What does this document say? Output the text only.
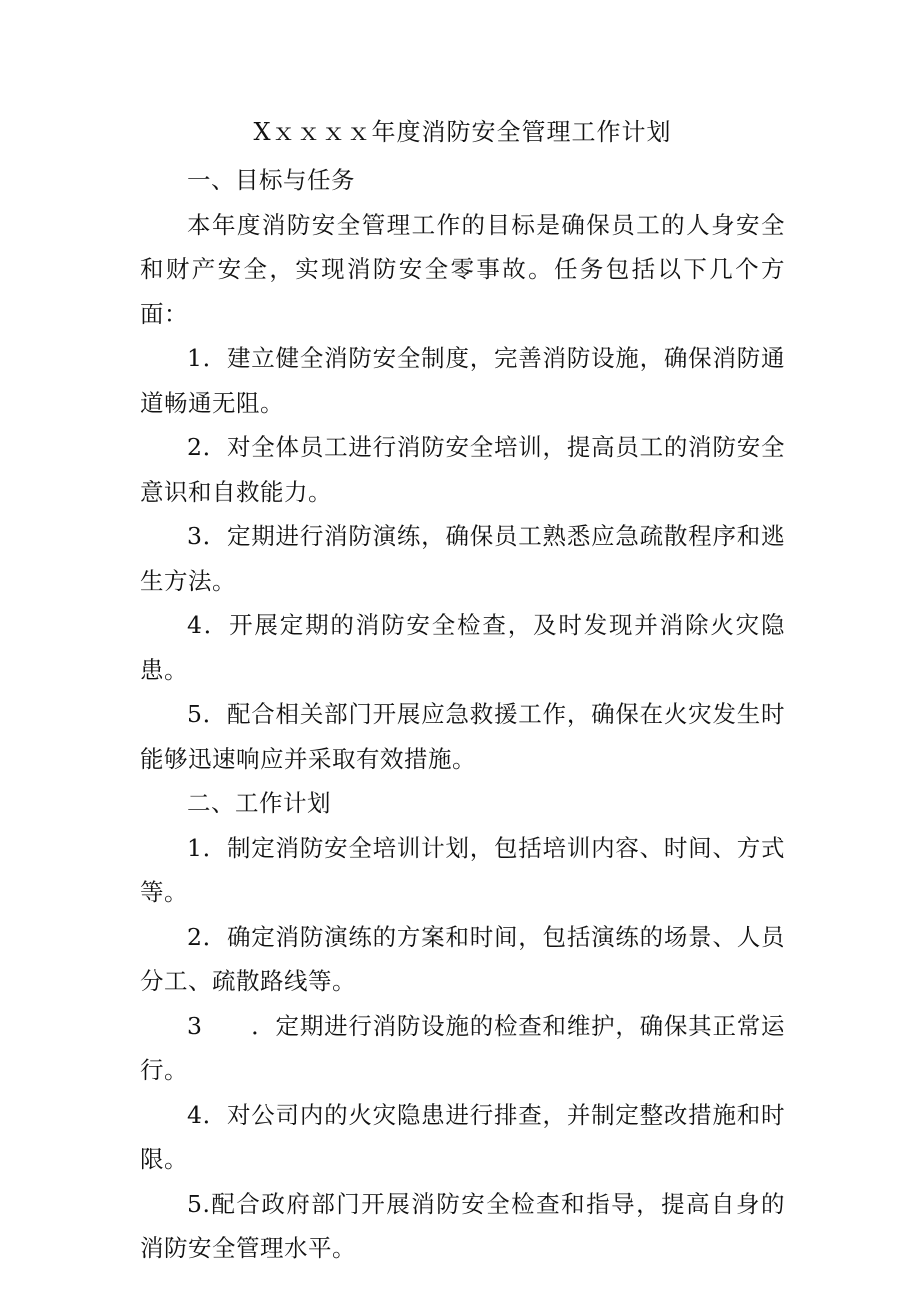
Xｘｘｘｘ年度消防安全管理工作计划

一、目标与任务

本年度消防安全管理工作的目标是确保员工的人身安全和财产安全，实现消防安全零事故。任务包括以下几个方面：

1．建立健全消防安全制度，完善消防设施，确保消防通道畅通无阻。

2．对全体员工进行消防安全培训，提高员工的消防安全意识和自救能力。

3．定期进行消防演练，确保员工熟悉应急疏散程序和逃生方法。

4．开展定期的消防安全检查，及时发现并消除火灾隐患。

5．配合相关部门开展应急救援工作，确保在火灾发生时能够迅速响应并采取有效措施。

二、工作计划

1．制定消防安全培训计划，包括培训内容、时间、方式等。

2．确定消防演练的方案和时间，包括演练的场景、人员分工、疏散路线等。

3　　．定期进行消防设施的检查和维护，确保其正常运行。

4．对公司内的火灾隐患进行排查，并制定整改措施和时限。

5.配合政府部门开展消防安全检查和指导，提高自身的消防安全管理水平。
